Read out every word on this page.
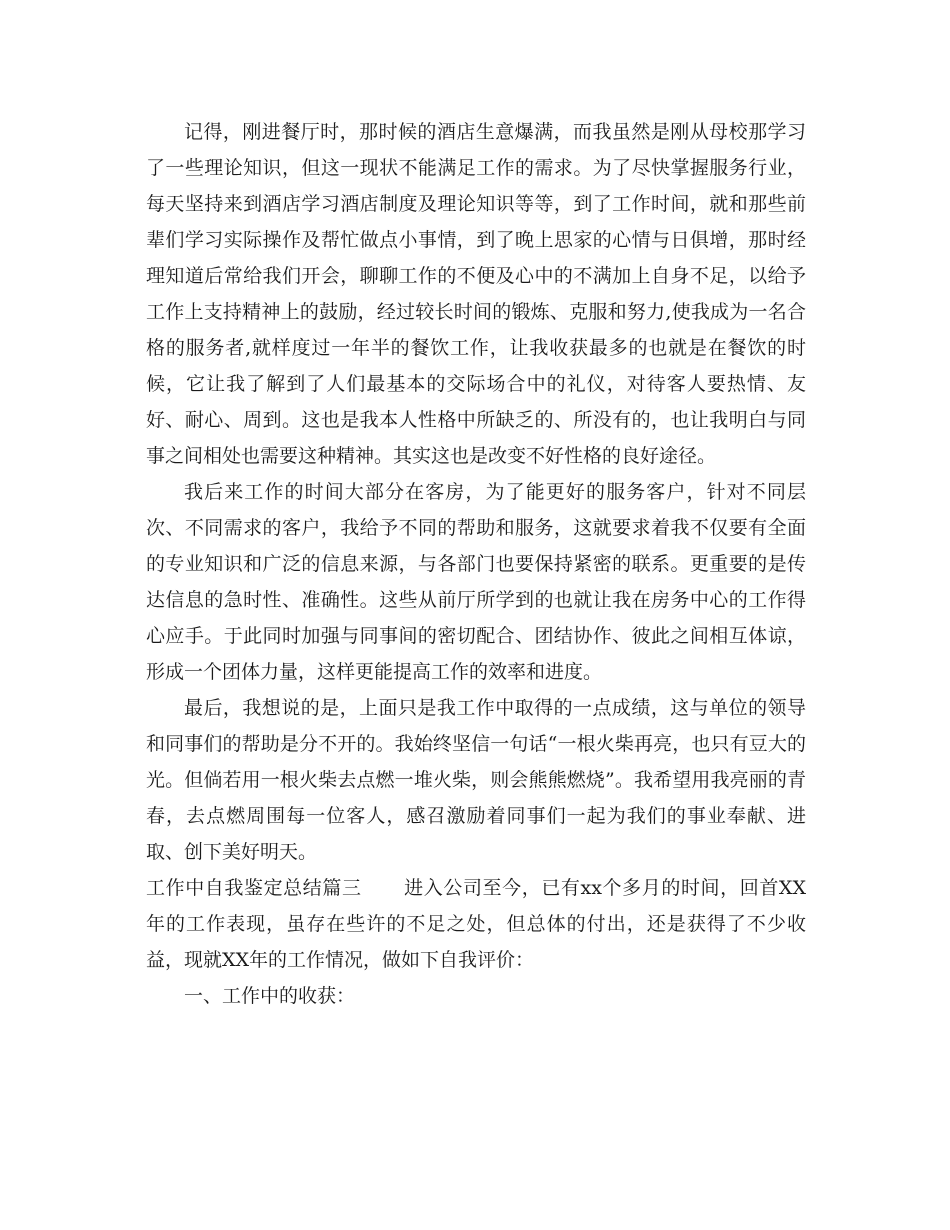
记得，刚进餐厅时，那时候的酒店生意爆满，而我虽然是刚从母校那学习了一些理论知识，但这一现状不能满足工作的需求。为了尽快掌握服务行业，每天坚持来到酒店学习酒店制度及理论知识等等，到了工作时间，就和那些前辈们学习实际操作及帮忙做点小事情，到了晚上思家的心情与日俱增，那时经理知道后常给我们开会，聊聊工作的不便及心中的不满加上自身不足，以给予工作上支持精神上的鼓励，经过较长时间的锻炼、克服和努力,使我成为一名合格的服务者,就样度过一年半的餐饮工作，让我收获最多的也就是在餐饮的时候，它让我了解到了人们最基本的交际场合中的礼仪，对待客人要热情、友好、耐心、周到。这也是我本人性格中所缺乏的、所没有的，也让我明白与同事之间相处也需要这种精神。其实这也是改变不好性格的良好途径。

我后来工作的时间大部分在客房，为了能更好的服务客户，针对不同层次、不同需求的客户，我给予不同的帮助和服务，这就要求着我不仅要有全面的专业知识和广泛的信息来源，与各部门也要保持紧密的联系。更重要的是传达信息的急时性、准确性。这些从前厅所学到的也就让我在房务中心的工作得心应手。于此同时加强与同事间的密切配合、团结协作、彼此之间相互体谅，形成一个团体力量，这样更能提高工作的效率和进度。

最后，我想说的是，上面只是我工作中取得的一点成绩，这与单位的领导和同事们的帮助是分不开的。我始终坚信一句话“一根火柴再亮，也只有豆大的光。但倘若用一根火柴去点燃一堆火柴，则会熊熊燃烧”。我希望用我亮丽的青春，去点燃周围每一位客人，感召激励着同事们一起为我们的事业奉献、进取、创下美好明天。

工作中自我鉴定总结篇三 进入公司至今，已有xx个多月的时间，回首XX年的工作表现，虽存在些许的不足之处，但总体的付出，还是获得了不少收益，现就XX年的工作情况，做如下自我评价：

一、工作中的收获：
